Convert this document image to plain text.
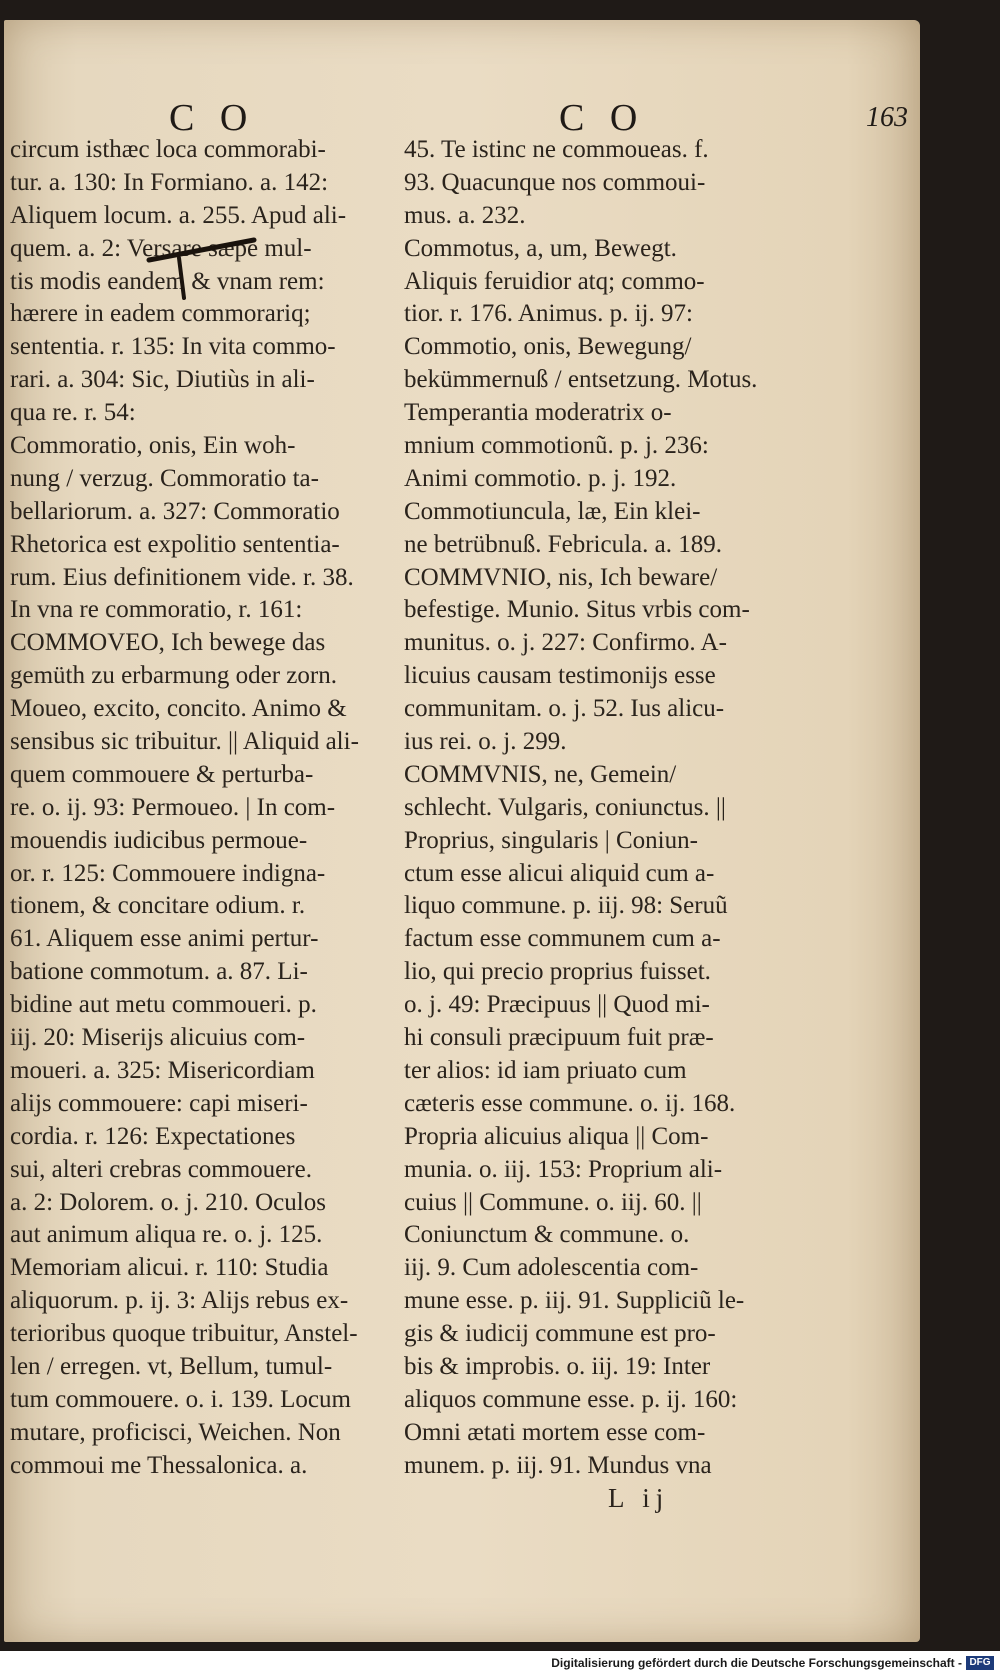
C O	C O	163
circum isthæc loca commorabi-
tur. a. 130: In Formiano. a. 142:
Aliquem locum. a. 255. Apud ali-
quem. a. 2: Versare sæpe mul-
tis modis eandem & vnam rem:
hærere in eadem commorariq;
sententia. r. 135: In vita commo-
rari. a. 304: Sic, Diutiùs in ali-
qua re. r. 54:
Commoratio, onis, Ein woh-
nung / verzug. Commoratio ta-
bellariorum. a. 327: Commoratio
Rhetorica est expolitio sententia-
rum. Eius definitionem vide. r. 38.
In vna re commoratio, r. 161:
COMMOVEO, Ich bewege das
gemüth zu erbarmung oder zorn.
Moueo, excito, concito. Animo &
sensibus sic tribuitur. || Aliquid ali-
quem commouere & perturba-
re. o. ij. 93: Permoueo. | In com-
mouendis iudicibus permoue-
or. r. 125: Commouere indigna-
tionem, & concitare odium. r.
61. Aliquem esse animi pertur-
batione commotum. a. 87. Li-
bidine aut metu commoueri. p.
iij. 20: Miserijs alicuius com-
moueri. a. 325: Misericordiam
alijs commouere: capi miseri-
cordia. r. 126: Expectationes
sui, alteri crebras commouere.
a. 2: Dolorem. o. j. 210. Oculos
aut animum aliqua re. o. j. 125.
Memoriam alicui. r. 110: Studia
aliquorum. p. ij. 3: Alijs rebus ex-
terioribus quoque tribuitur, Anstel-
len / erregen. vt, Bellum, tumul-
tum commouere. o. i. 139. Locum
mutare, proficisci, Weichen. Non
commoui me Thessalonica. a.
45. Te istinc ne commoueas. f.
93. Quacunque nos commoui-
mus. a. 232.
Commotus, a, um, Bewegt.
Aliquis feruidior atq; commo-
tior. r. 176. Animus. p. ij. 97:
Commotio, onis, Bewegung/
bekümmernuß / entsetzung. Motus.
Temperantia moderatrix o-
mnium commotionũ. p. j. 236:
Animi commotio. p. j. 192.
Commotiuncula, læ, Ein klei-
ne betrübnuß. Febricula. a. 189.
COMMVNIO, nis, Ich beware/
befestige. Munio. Situs vrbis com-
munitus. o. j. 227: Confirmo. A-
licuius causam testimonijs esse
communitam. o. j. 52. Ius alicu-
ius rei. o. j. 299.
COMMVNIS, ne, Gemein/
schlecht. Vulgaris, coniunctus. ||
Proprius, singularis | Coniun-
ctum esse alicui aliquid cum a-
liquo commune. p. iij. 98: Seruũ
factum esse communem cum a-
lio, qui precio proprius fuisset.
o. j. 49: Præcipuus || Quod mi-
hi consuli præcipuum fuit præ-
ter alios: id iam priuato cum
cæteris esse commune. o. ij. 168.
Propria alicuius aliqua || Com-
munia. o. iij. 153: Proprium ali-
cuius || Commune. o. iij. 60. ||
Coniunctum & commune. o.
iij. 9. Cum adolescentia com-
mune esse. p. iij. 91. Suppliciũ le-
gis & iudicij commune est pro-
bis & improbis. o. iij. 19: Inter
aliquos commune esse. p. ij. 160:
Omni ætati mortem esse com-
munem. p. iij. 91. Mundus vna
L ij
Digitalisierung gefördert durch die Deutsche Forschungsgemeinschaft - DFG
